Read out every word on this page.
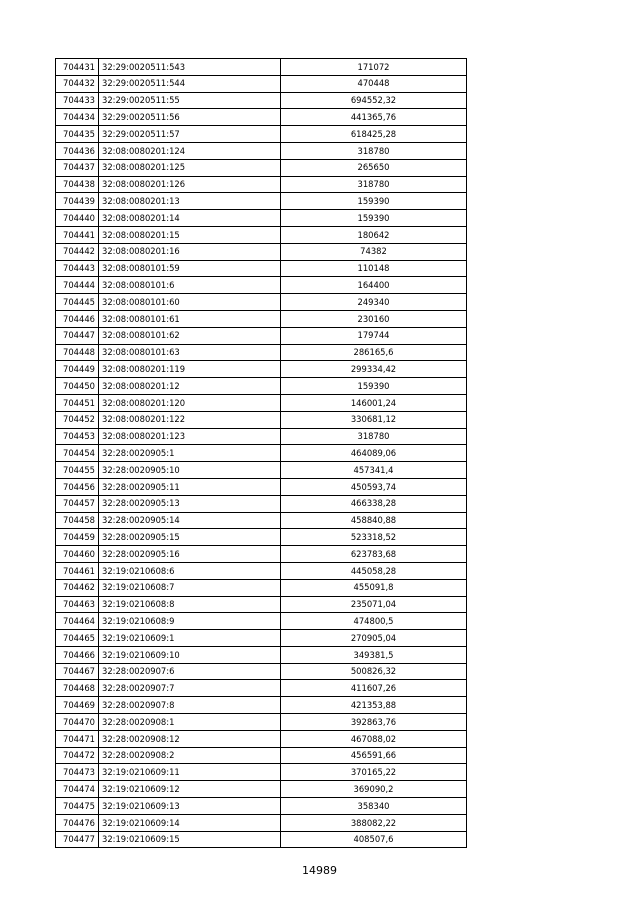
704431	32:29:0020511:543	171072
704432	32:29:0020511:544	470448
704433	32:29:0020511:55	694552,32
704434	32:29:0020511:56	441365,76
704435	32:29:0020511:57	618425,28
704436	32:08:0080201:124	318780
704437	32:08:0080201:125	265650
704438	32:08:0080201:126	318780
704439	32:08:0080201:13	159390
704440	32:08:0080201:14	159390
704441	32:08:0080201:15	180642
704442	32:08:0080201:16	74382
704443	32:08:0080101:59	110148
704444	32:08:0080101:6	164400
704445	32:08:0080101:60	249340
704446	32:08:0080101:61	230160
704447	32:08:0080101:62	179744
704448	32:08:0080101:63	286165,6
704449	32:08:0080201:119	299334,42
704450	32:08:0080201:12	159390
704451	32:08:0080201:120	146001,24
704452	32:08:0080201:122	330681,12
704453	32:08:0080201:123	318780
704454	32:28:0020905:1	464089,06
704455	32:28:0020905:10	457341,4
704456	32:28:0020905:11	450593,74
704457	32:28:0020905:13	466338,28
704458	32:28:0020905:14	458840,88
704459	32:28:0020905:15	523318,52
704460	32:28:0020905:16	623783,68
704461	32:19:0210608:6	445058,28
704462	32:19:0210608:7	455091,8
704463	32:19:0210608:8	235071,04
704464	32:19:0210608:9	474800,5
704465	32:19:0210609:1	270905,04
704466	32:19:0210609:10	349381,5
704467	32:28:0020907:6	500826,32
704468	32:28:0020907:7	411607,26
704469	32:28:0020907:8	421353,88
704470	32:28:0020908:1	392863,76
704471	32:28:0020908:12	467088,02
704472	32:28:0020908:2	456591,66
704473	32:19:0210609:11	370165,22
704474	32:19:0210609:12	369090,2
704475	32:19:0210609:13	358340
704476	32:19:0210609:14	388082,22
704477	32:19:0210609:15	408507,6
14989
